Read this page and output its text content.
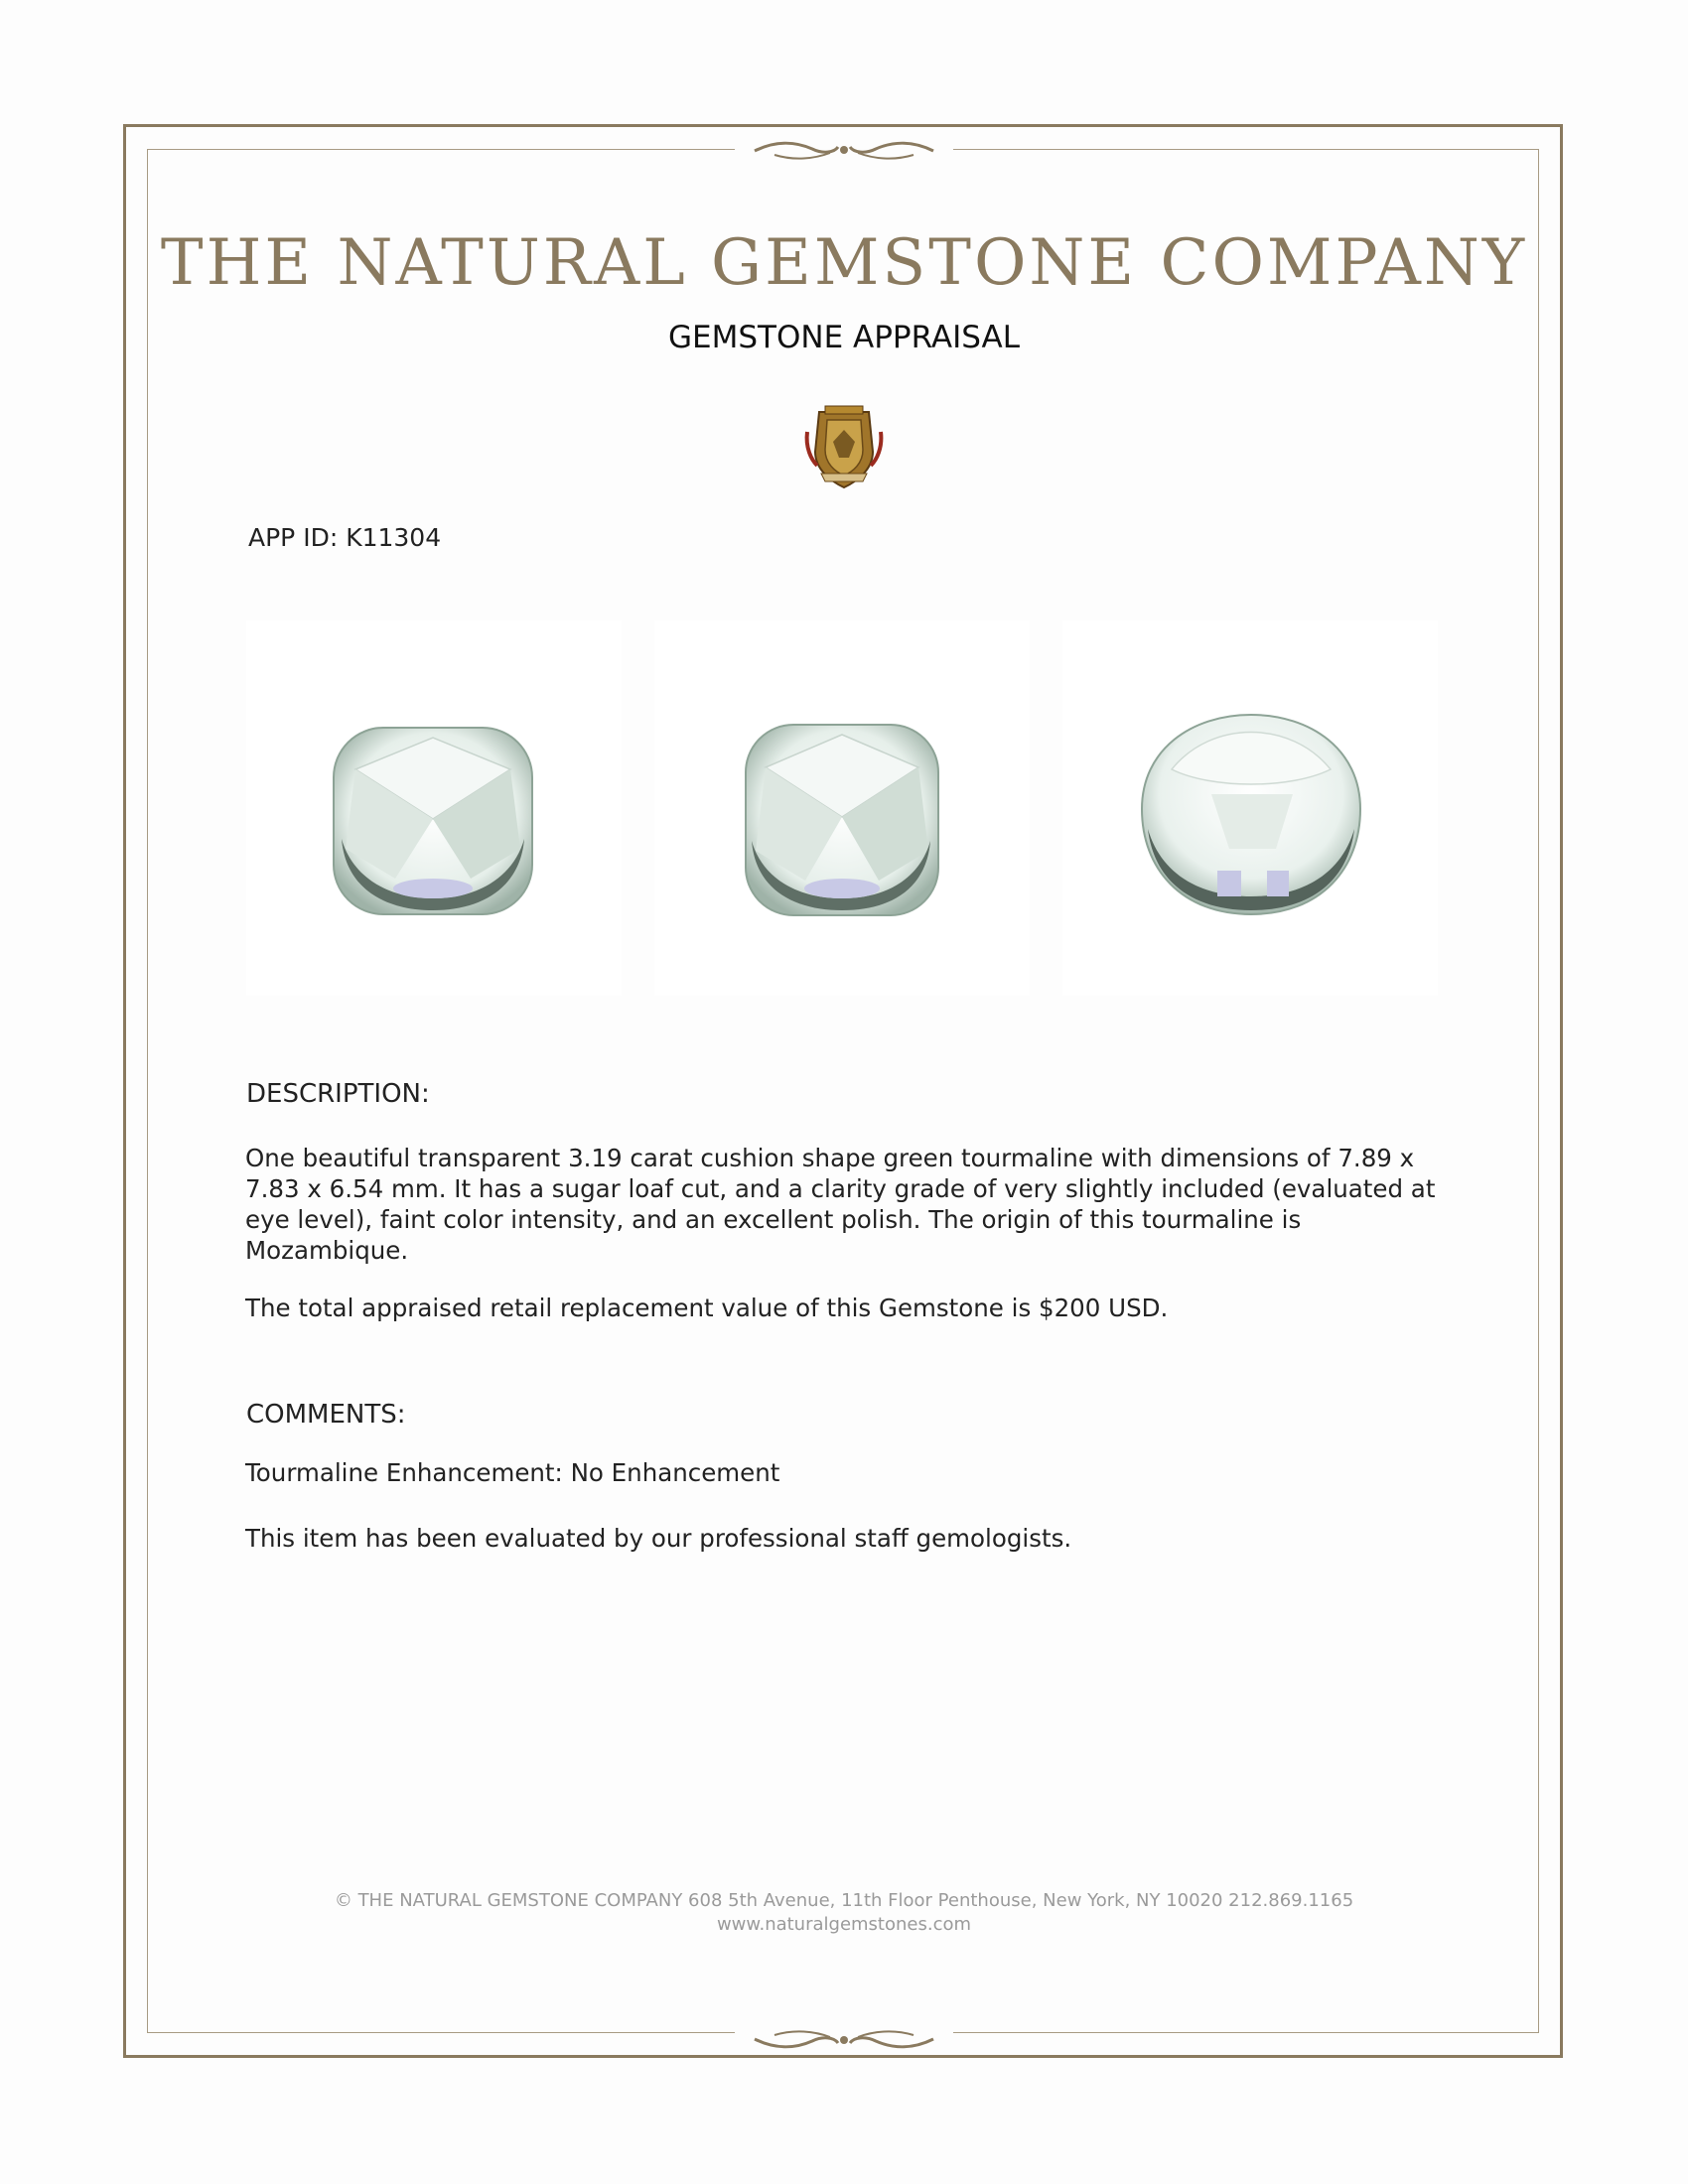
THE NATURAL GEMSTONE COMPANY
GEMSTONE APPRAISAL
APP ID: K11304
DESCRIPTION:
One beautiful transparent 3.19 carat cushion shape green tourmaline with dimensions of 7.89 x 7.83 x 6.54 mm. It has a sugar loaf cut, and a clarity grade of very slightly included (evaluated at eye level), faint color intensity, and an excellent polish. The origin of this tourmaline is Mozambique.
The total appraised retail replacement value of this Gemstone is $200 USD.
COMMENTS:
Tourmaline Enhancement: No Enhancement
This item has been evaluated by our professional staff gemologists.
© THE NATURAL GEMSTONE COMPANY 608 5th Avenue, 11th Floor Penthouse, New York, NY 10020 212.869.1165
www.naturalgemstones.com
